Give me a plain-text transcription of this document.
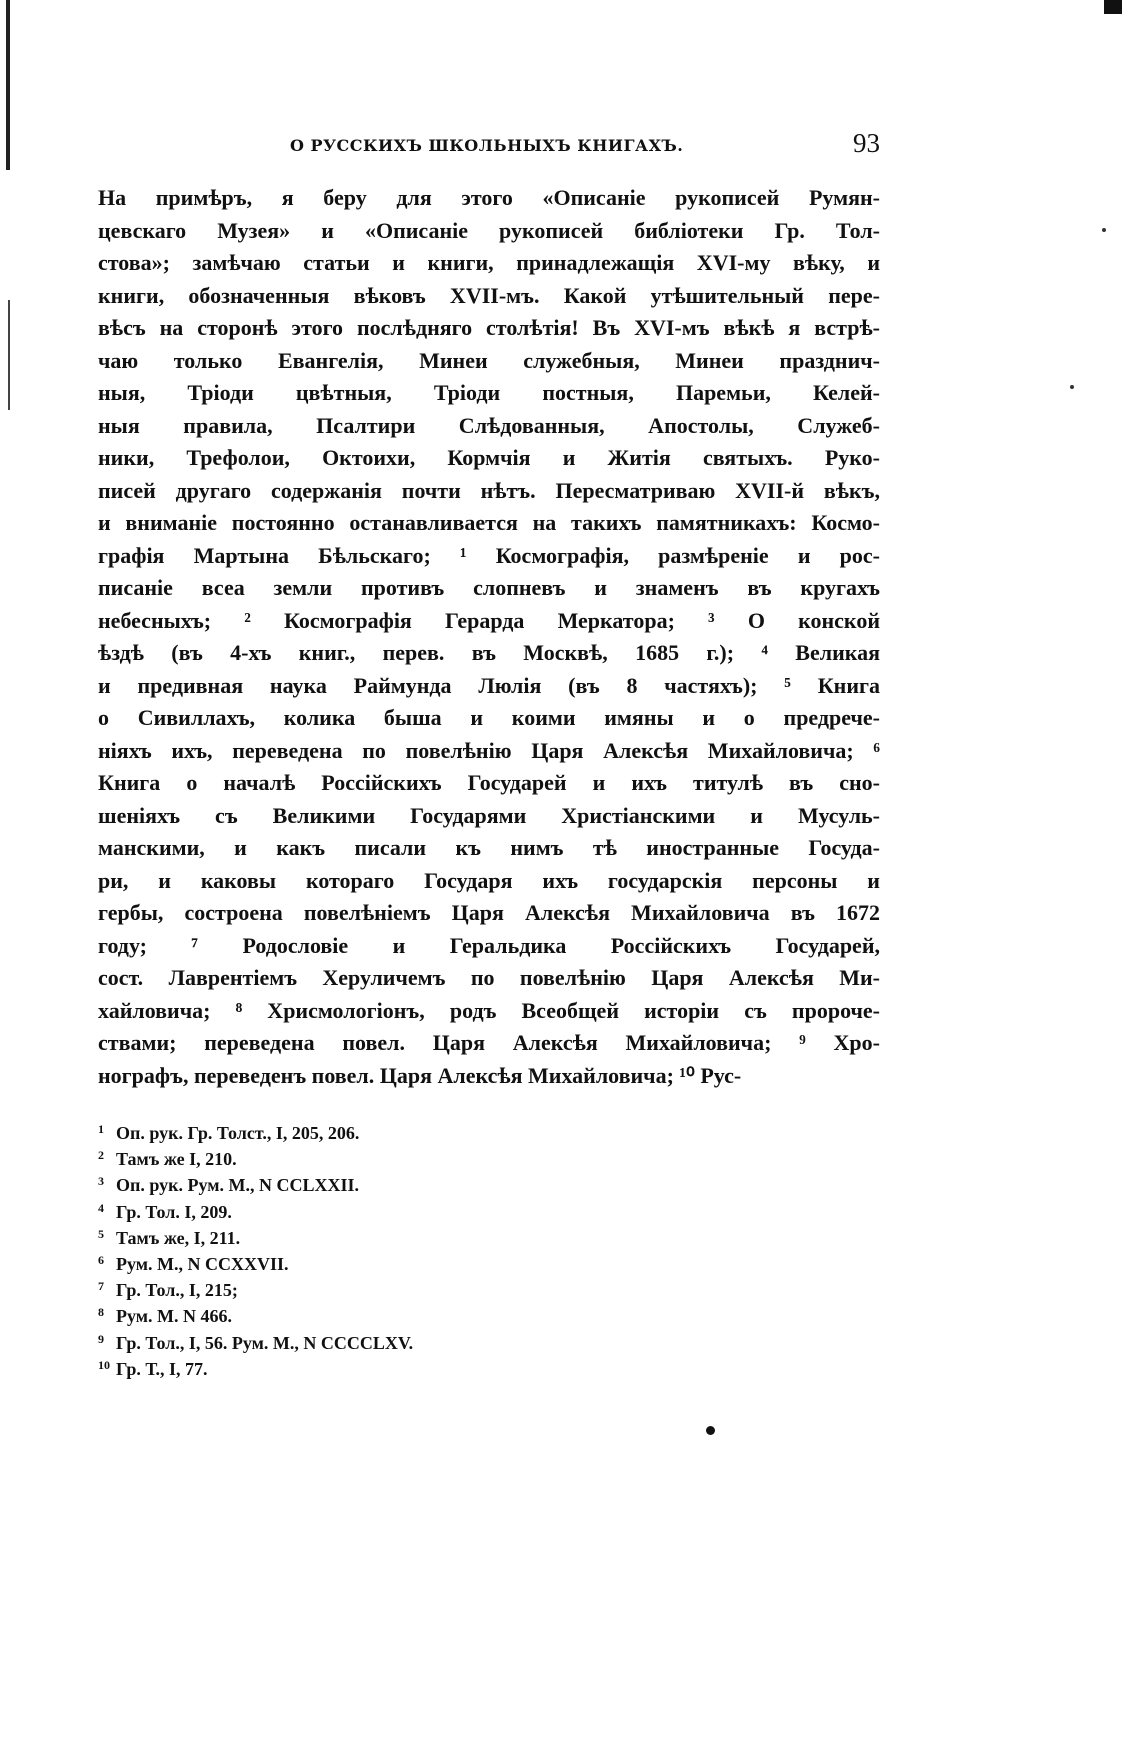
О РУССКИХЪ ШКОЛЬНЫХЪ КНИГАХЪ.	93
На примѣръ, я беру для этого «Описаніе рукописей Румян-
цевскаго Музея» и «Описаніе рукописей библіотеки Гр. Тол-
стова»; замѣчаю статьи и книги, принадлежащія XVI-му вѣку, и
книги, обозначенныя вѣковъ XVII-мъ. Какой утѣшительный пере-
вѣсъ на сторонѣ этого послѣдняго столѣтія! Въ XVI-мъ вѣкѣ я встрѣ-
чаю только Евангелія, Минеи служебныя, Минеи празднич-
ныя, Тріоди цвѣтныя, Тріоди постныя, Паремьи, Келей-
ныя правила, Псалтири Слѣдованныя, Апостолы, Служеб-
ники, Трефолои, Октоихи, Кормчія и Житія святыхъ. Руко-
писей другаго содержанія почти нѣтъ. Пересматриваю XVII-й вѣкъ,
и вниманіе постоянно останавливается на такихъ памятникахъ: Космо-
графія Мартына Бѣльскаго; ¹ Космографія, размѣреніе и рос-
писаніе всеа земли противъ слопневъ и знаменъ въ кругахъ
небесныхъ; ² Космографія Герарда Меркатора; ³ О конской
ѣздѣ (въ 4-хъ книг., перев. въ Москвѣ, 1685 г.); ⁴ Великая
и предивная наука Раймунда Люлія (въ 8 частяхъ); ⁵ Книга
о Сивиллахъ, колика быша и коими имяны и о предрече-
ніяхъ ихъ, переведена по повелѣнію Царя Алексѣя Михайловича; ⁶
Книга о началѣ Россійскихъ Государей и ихъ титулѣ въ сно-
шеніяхъ съ Великими Государями Христіанскими и Мусуль-
манскими, и какъ писали къ нимъ тѣ иностранные Госуда-
ри, и каковы котораго Государя ихъ государскія персоны и
гербы, состроена повелѣніемъ Царя Алексѣя Михайловича въ 1672
году; ⁷ Родословіе и Геральдика Россійскихъ Государей,
сост. Лаврентіемъ Херуличемъ по повелѣнію Царя Алексѣя Ми-
хайловича; ⁸ Хрисмологіонъ, родъ Всеобщей исторіи съ пророче-
ствами; переведена повел. Царя Алексѣя Михайловича; ⁹ Хро-
нографъ, переведенъ повел. Царя Алексѣя Михайловича; ¹⁰ Рус-
1 Оп. рук. Гр. Толст., I, 205, 206.
2 Тамъ же I, 210.
3 Оп. рук. Рум. М., N CCLXXII.
4 Гр. Тол. I, 209.
5 Тамъ же, I, 211.
6 Рум. М., N CCXXVII.
7 Гр. Тол., I, 215;
8 Рум. М. N 466.
9 Гр. Тол., I, 56. Рум. М., N CCCCLXV.
10 Гр. Т., I, 77.
